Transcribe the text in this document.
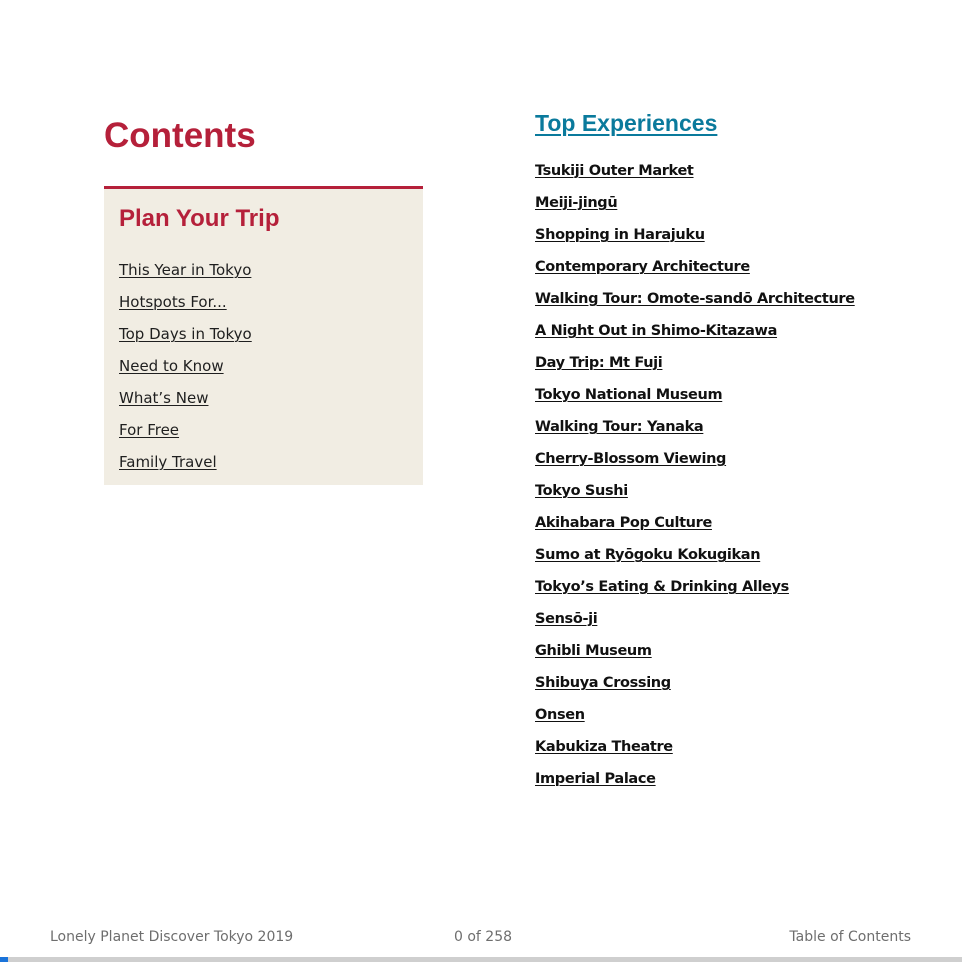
Contents
Plan Your Trip
This Year in Tokyo
Hotspots For...
Top Days in Tokyo
Need to Know
What’s New
For Free
Family Travel
Top Experiences
Tsukiji Outer Market
Meiji-jingū
Shopping in Harajuku
Contemporary Architecture
Walking Tour: Omote-sandō Architecture
A Night Out in Shimo-Kitazawa
Day Trip: Mt Fuji
Tokyo National Museum
Walking Tour: Yanaka
Cherry-Blossom Viewing
Tokyo Sushi
Akihabara Pop Culture
Sumo at Ryōgoku Kokugikan
Tokyo’s Eating & Drinking Alleys
Sensō-ji
Ghibli Museum
Shibuya Crossing
Onsen
Kabukiza Theatre
Imperial Palace
Lonely Planet Discover Tokyo 2019	0 of 258	Table of Contents
